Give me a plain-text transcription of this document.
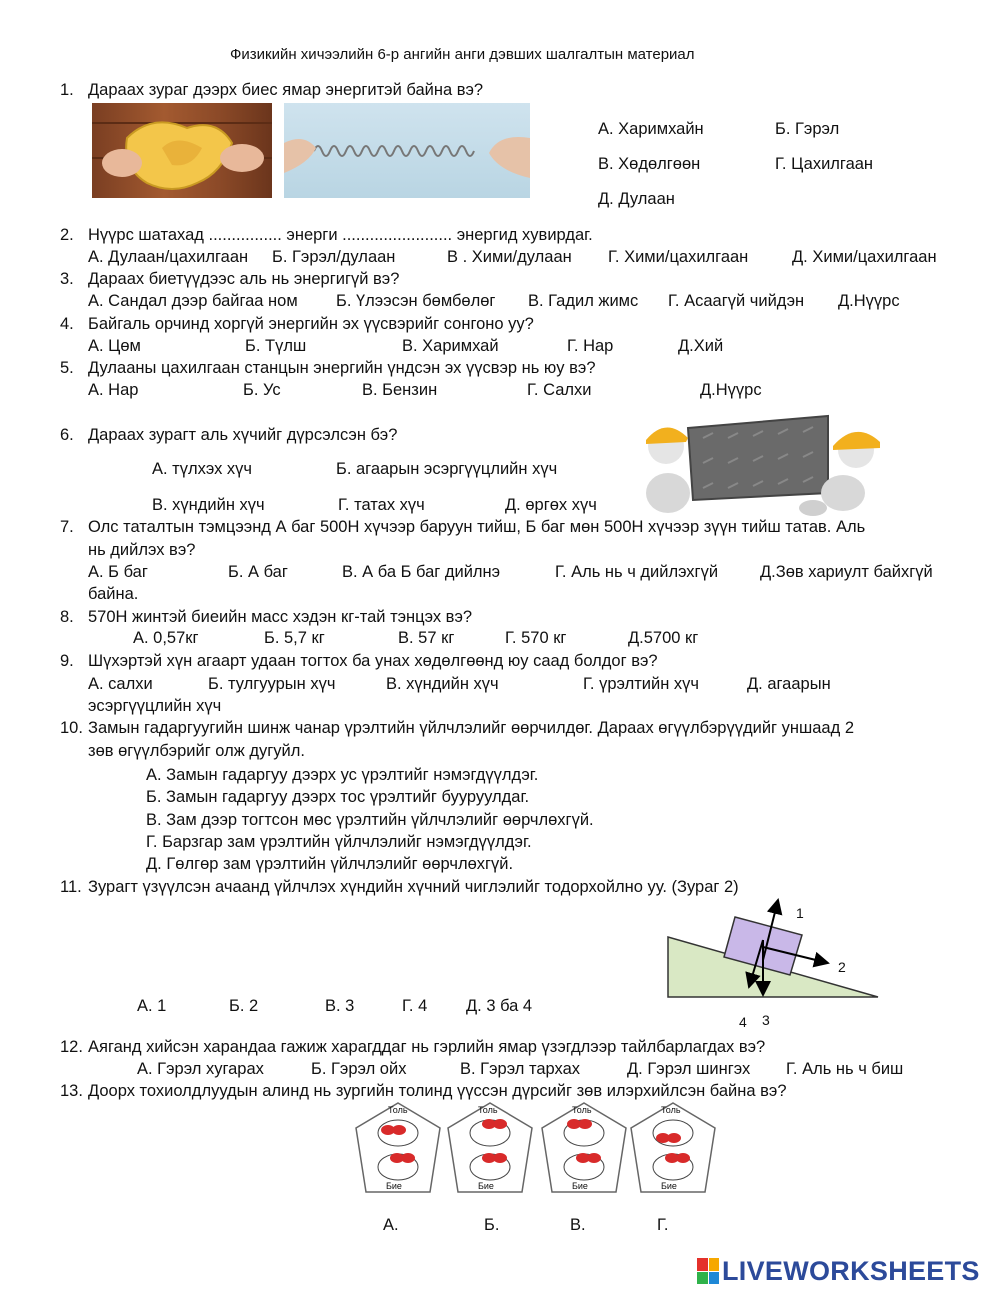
Физикийн хичээлийн 6-р ангийн анги дэвших шалгалтын материал
1. Дараах зураг дээрх биес ямар энергитэй байна вэ?
А. Харимхайн	Б. Гэрэл
В. Хөдөлгөөн	Г. Цахилгаан
Д. Дулаан
2. Нүүрс шатахад ................ энерги ........................ энергид хувирдаг.
А. Дулаан/цахилгаан Б. Гэрэл/дулаан	В . Хими/дулаан Г. Хими/цахилгаан	Д. Хими/цахилгаан
3. Дараах биетүүдээс аль нь энергигүй вэ?
А. Сандал дээр байгаа ном Б. Үлээсэн бөмбөлөг В. Гадил жимс Г. Асаагүй чийдэн Д.Нүүрс
4. Байгаль орчинд хоргүй энергийн эх үүсвэрийг сонгоно уу?
А. Цөм	Б. Түлш	В. Харимхай	Г. Нар	Д.Хий
5. Дулааны цахилгаан станцын энергийн үндсэн эх үүсвэр нь юу вэ?
А. Нар	Б. Ус	В. Бензин	Г. Салхи	Д.Нүүрс
6. Дараах зурагт аль хүчийг дүрсэлсэн бэ?
А. түлхэх хүч	Б. агаарын эсэргүүцлийн хүч
В. хүндийн хүч	Г. татах хүч	Д. өргөх хүч
7. Олс таталтын тэмцээнд А баг 500Н хүчээр баруун тийш, Б баг мөн 500Н хүчээр зүүн тийш татав. Аль
нь дийлэх вэ?
А. Б баг	Б. А баг	В. А ба Б баг дийлнэ	Г. Аль нь ч дийлэхгүй	Д.Зөв хариулт байхгүй
байна.
8. 570Н жинтэй биеийн масс хэдэн кг-тай тэнцэх вэ?
А. 0,57кг	Б. 5,7 кг	В. 57 кг	Г. 570 кг	Д.5700 кг
9. Шүхэртэй хүн агаарт удаан тогтох ба унах хөдөлгөөнд юу саад болдог вэ?
А. салхи	Б. тулгуурын хүч	В. хүндийн хүч	Г. үрэлтийн хүч	Д. агаарын
эсэргүүцлийн хүч
10. Замын гадаргуугийн шинж чанар үрэлтийн үйлчлэлийг өөрчилдөг. Дараах өгүүлбэрүүдийг уншаад 2
зөв өгүүлбэрийг олж дугуйл.
А. Замын гадаргуу дээрх ус үрэлтийг нэмэгдүүлдэг.
Б. Замын гадаргуу дээрх тос үрэлтийг бууруулдаг.
В. Зам дээр тогтсон мөс үрэлтийн үйлчлэлийг өөрчлөхгүй.
Г. Барзгар зам үрэлтийн үйлчлэлийг нэмэгдүүлдэг.
Д. Гөлгөр зам үрэлтийн үйлчлэлийг өөрчлөхгүй.
11. Зурагт үзүүлсэн ачаанд үйлчлэх хүндийн хүчний чиглэлийг тодорхойлно уу. (Зураг 2)
А. 1	Б. 2	В. 3	Г. 4 Д. 3 ба 4
1
2
4 3
12. Аяганд хийсэн харандаа гажиж харагддаг нь гэрлийн ямар үзэгдлээр тайлбарлагдах вэ?
А. Гэрэл хугарах	Б. Гэрэл ойх	В. Гэрэл тархах	Д. Гэрэл шингэх Г. Аль нь ч биш
13. Доорх тохиолдлуудын алинд нь зургийн толинд үүссэн дүрсийг зөв илэрхийлсэн байна вэ?
Толь
Бие
Толь
Бие
Толь
Бие
Толь
Бие
А.	Б.	В.	Г.
LIVEWORKSHEETS
